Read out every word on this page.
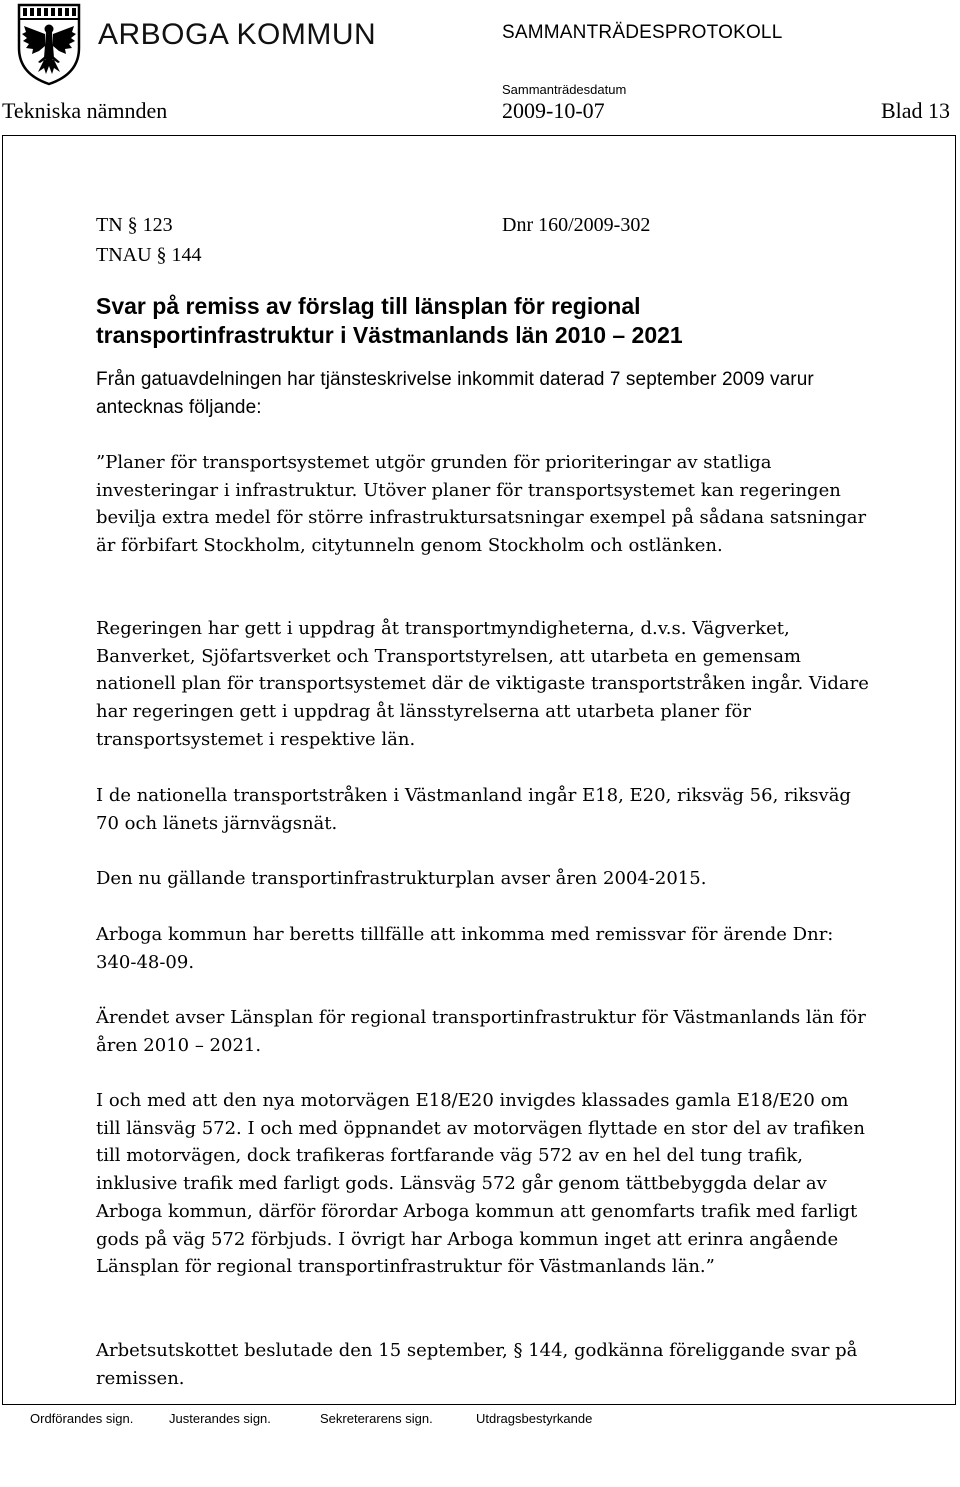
ARBOGA KOMMUN	SAMMANTRÄDESPROTOKOLL
Sammanträdesdatum
Tekniska nämnden	2009-10-07	Blad 13
TN § 123
TNAU § 144
Dnr 160/2009-302
Svar på remiss av förslag till länsplan för regional
transportinfrastruktur i Västmanlands län 2010 – 2021

Från gatuavdelningen har tjänsteskrivelse inkommit daterad 7 september 2009 varur antecknas följande:

”Planer för transportsystemet utgör grunden för prioriteringar av statliga investeringar i infrastruktur. Utöver planer för transportsystemet kan regeringen bevilja extra medel för större infrastruktursatsningar exempel på sådana satsningar är förbifart Stockholm, citytunneln genom Stockholm och ostlänken.

Regeringen har gett i uppdrag åt transportmyndigheterna, d.v.s. Vägverket, Banverket, Sjöfartsverket och Transportstyrelsen, att utarbeta en gemensam nationell plan för transportsystemet där de viktigaste transportstråken ingår. Vidare har regeringen gett i uppdrag åt länsstyrelserna att utarbeta planer för transportsystemet i respektive län.

I de nationella transportstråken i Västmanland ingår E18, E20, riksväg 56, riksväg 70 och länets järnvägsnät.

Den nu gällande transportinfrastrukturplan avser åren 2004-2015.

Arboga kommun har beretts tillfälle att inkomma med remissvar för ärende Dnr: 340-48-09.

Ärendet avser Länsplan för regional transportinfrastruktur för Västmanlands län för åren 2010 – 2021.

I och med att den nya motorvägen E18/E20 invigdes klassades gamla E18/E20 om till länsväg 572. I och med öppnandet av motorvägen flyttade en stor del av trafiken till motorvägen, dock trafikeras fortfarande väg 572 av en hel del tung trafik, inklusive trafik med farligt gods. Länsväg 572 går genom tättbebyggda delar av Arboga kommun, därför förordar Arboga kommun att genomfarts trafik med farligt gods på väg 572 förbjuds. I övrigt har Arboga kommun inget att erinra angående Länsplan för regional transportinfrastruktur för Västmanlands län.”

Arbetsutskottet beslutade den 15 september, § 144, godkänna föreliggande svar på remissen.

Ordförandes sign.	Justerandes sign.	Sekreterarens sign.	Utdragsbestyrkande
